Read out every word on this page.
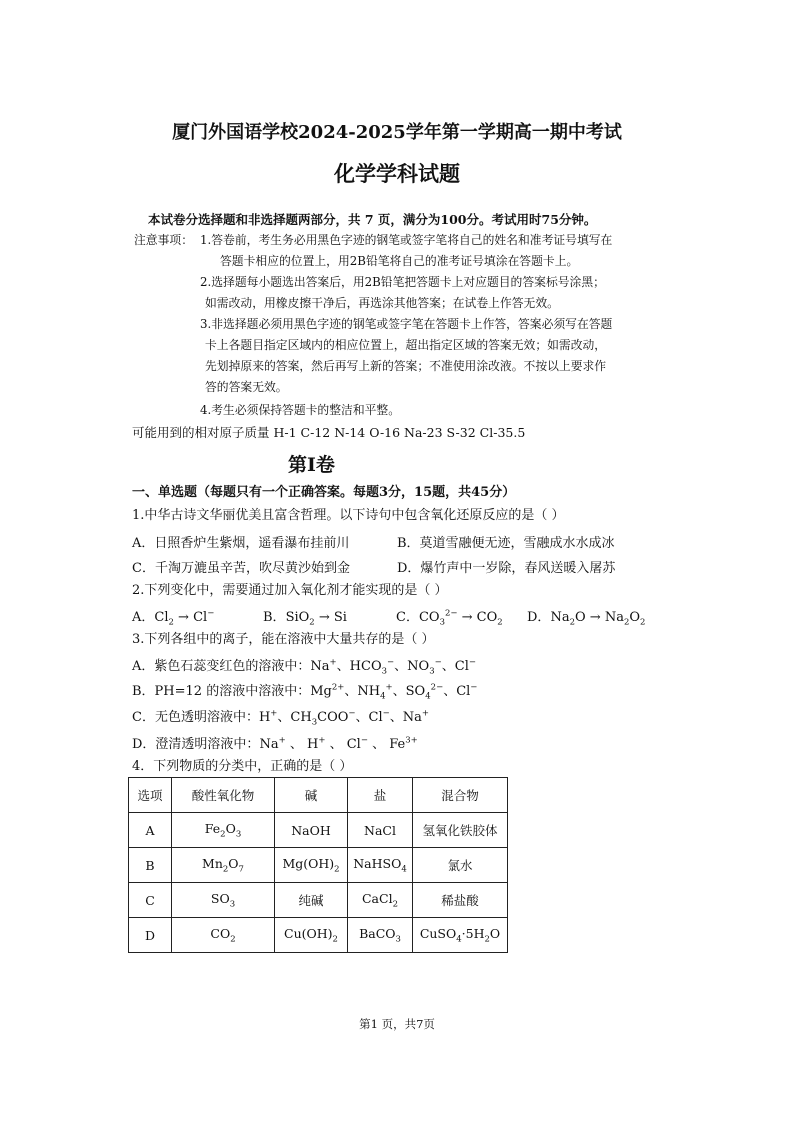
厦门外国语学校2024-2025学年第一学期高一期中考试
化学学科试题
本试卷分选择题和非选择题两部分，共 7 页，满分为100分。考试用时75分钟。
注意事项： 1.答卷前，考生务必用黑色字迹的钢笔或签字笔将自己的姓名和准考证号填写在
答题卡相应的位置上，用2B铅笔将自己的准考证号填涂在答题卡上。
2.选择题每小题选出答案后，用2B铅笔把答题卡上对应题目的答案标号涂黑；
如需改动，用橡皮擦干净后，再选涂其他答案；在试卷上作答无效。
3.非选择题必须用黑色字迹的钢笔或签字笔在答题卡上作答，答案必须写在答题
卡上各题目指定区域内的相应位置上，超出指定区域的答案无效；如需改动，
先划掉原来的答案，然后再写上新的答案；不准使用涂改液。不按以上要求作
答的答案无效。
4.考生必须保持答题卡的整洁和平整。
可能用到的相对原子质量 H-1 C-12 N-14 O-16 Na-23 S-32 Cl-35.5
第Ⅰ卷
一、单选题（每题只有一个正确答案。每题3分，15题，共45分）
1.中华古诗文华丽优美且富含哲理。以下诗句中包含氧化还原反应的是（ ）
A．日照香炉生紫烟，遥看瀑布挂前川	B．莫道雪融便无迹，雪融成水水成冰
C．千淘万漉虽辛苦，吹尽黄沙始到金	D．爆竹声中一岁除，春风送暖入屠苏
2.下列变化中，需要通过加入氧化剂才能实现的是（ ）
A．$Cl_2 \to Cl^-$	B．SiO$_2$ → Si	C．$CO_3^{2-} \to CO_2$ D．$Na_2O \to Na_2O_2$
3.下列各组中的离子，能在溶液中大量共存的是（ ）
A．紫色石蕊变红色的溶液中：Na+、$HCO_3^-$、$NO_3^-$、Cl−
B．PH=12 的溶液中溶液中：$Mg^{2+}$、$NH_4^+$、$SO_4^{2-}$、Cl−
C．无色透明溶液中：H+、$CH_3COO^-$、Cl−、Na+
D．澄清透明溶液中：Na+ 、 H+ 、 Cl− 、 $Fe^{3+}$
4．下列物质的分类中，正确的是（ ）
选项	酸性氧化物	碱	盐	混合物
A	$Fe_2O_3$	NaOH	NaCl	氢氧化铁胶体
B	$Mn_2O_7$	$Mg(OH)_2$	NaHSO$_4$	氯水
C	$SO_3$	纯碱	CaCl$_2$	稀盐酸
D	$CO_2$	$Cu(OH)_2$	BaCO$_3$	$CuSO_4\cdot 5H_2O$
第1 页，共7页
